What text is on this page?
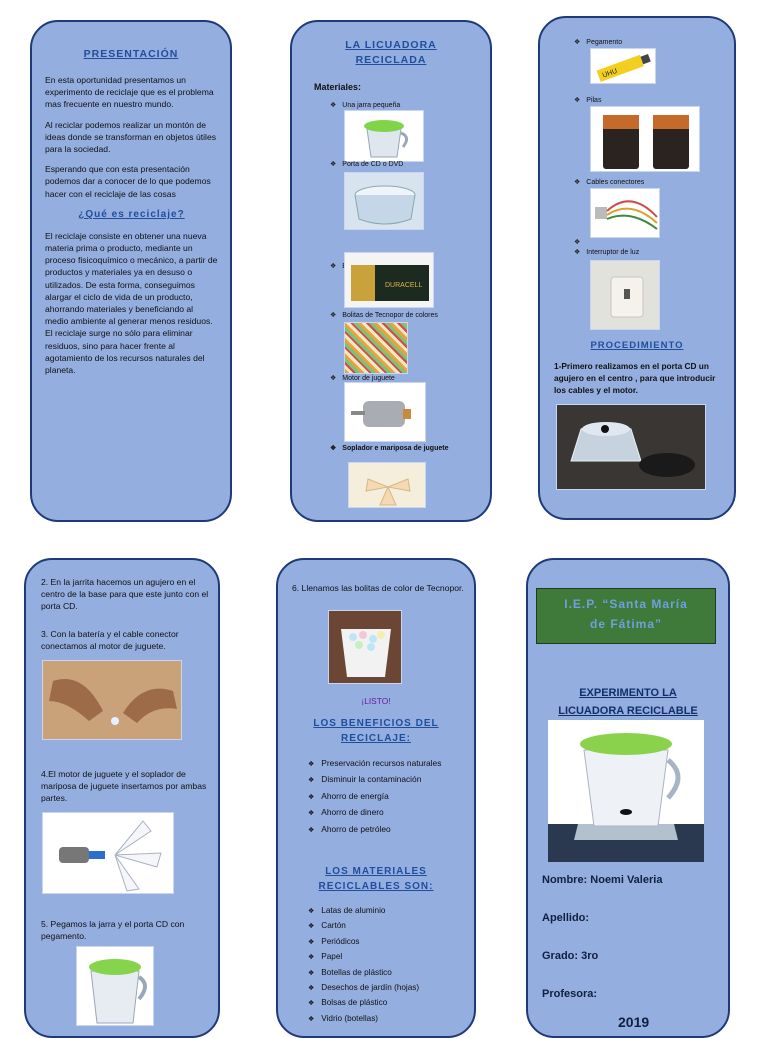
PRESENTACIÓN

En esta oportunidad presentamos un experimento de reciclaje que es el problema mas frecuente en nuestro mundo.

Al reciclar podemos realizar un montón de ideas donde se transforman en objetos útiles para la sociedad.

Esperando que con esta presentación podemos dar a conocer de lo que podemos hacer con el reciclaje de las cosas

¿Qué es reciclaje?

El reciclaje consiste en obtener una nueva materia prima o producto, mediante un proceso fisicoquímico o mecánico, a partir de productos y materiales ya en desuso o utilizados. De esta forma, conseguimos alargar el ciclo de vida de un producto, ahorrando materiales y beneficiando al medio ambiente al generar menos residuos. El reciclaje surge no sólo para eliminar residuos, sino para hacer frente al agotamiento de los recursos naturales del planeta.

LA LICUADORA
RECICLADA
Materiales:
❖ Una jarra pequeña
❖ Porta de CD o DVD
❖
DURACELL
❖ Bolitas de Tecnopor de colores
❖ Motor de juguete
❖ Soplador e mariposa de juguete
❖ Pegamento
UHU
❖ Pilas
❖ Cables conectores
❖
❖ Interruptor de luz
PROCEDIMIENTO

1-Primero realizamos en el porta CD un agujero en el centro , para que introducir los cables y el motor.

2. En la jarrita hacemos un agujero en el centro de la base para que este junto con el porta CD.

3. Con la batería y el cable conector conectamos al motor de juguete.

4.El motor de juguete y el soplador de mariposa de juguete insertamos por ambas partes.

5. Pegamos la jarra y el porta CD con pegamento.

6. Llenamos las bolitas de color de Tecnopor.

¡LISTO!
LOS BENEFICIOS DEL
RECICLAJE:
❖ Preservación recursos naturales
❖ Disminuir la contaminación
❖ Ahorro de energía
❖ Ahorro de dinero
❖ Ahorro de petróleo
LOS MATERIALES
RECICLABLES SON:
❖ Latas de aluminio
❖ Cartón
❖ Periódicos
❖ Papel
❖ Botellas de plástico
❖ Desechos de jardín (hojas)
❖ Bolsas de plástico
❖ Vidrio (botellas)
I.E.P. “Santa María
de Fátima”
EXPERIMENTO LA
LICUADORA RECICLABLE
Nombre: Noemi Valeria
Apellido:
Grado: 3ro
Profesora:
2019
